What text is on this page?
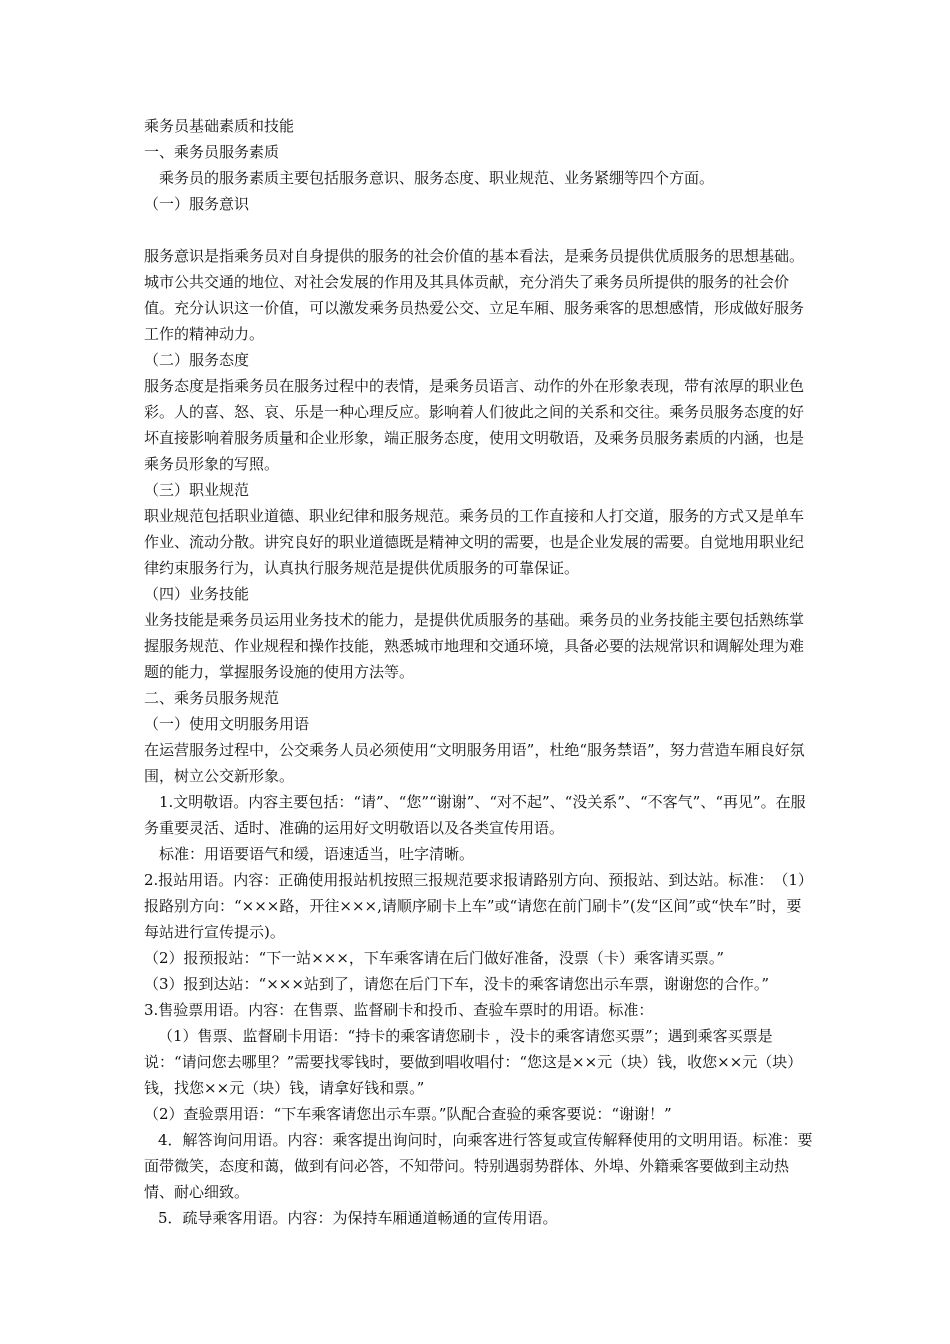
乘务员基础素质和技能

一、乘务员服务素质

乘务员的服务素质主要包括服务意识、服务态度、职业规范、业务紧绷等四个方面。

（一）服务意识

服务意识是指乘务员对自身提供的服务的社会价值的基本看法，是乘务员提供优质服务的思想基础。城市公共交通的地位、对社会发展的作用及其具体贡献，充分消失了乘务员所提供的服务的社会价值。充分认识这一价值，可以激发乘务员热爱公交、立足车厢、服务乘客的思想感情，形成做好服务工作的精神动力。

（二）服务态度

服务态度是指乘务员在服务过程中的表情，是乘务员语言、动作的外在形象表现，带有浓厚的职业色彩。人的喜、怒、哀、乐是一种心理反应。影响着人们彼此之间的关系和交往。乘务员服务态度的好坏直接影响着服务质量和企业形象，端正服务态度，使用文明敬语，及乘务员服务素质的内涵，也是乘务员形象的写照。

（三）职业规范

职业规范包括职业道德、职业纪律和服务规范。乘务员的工作直接和人打交道，服务的方式又是单车作业、流动分散。讲究良好的职业道德既是精神文明的需要，也是企业发展的需要。自觉地用职业纪律约束服务行为，认真执行服务规范是提供优质服务的可靠保证。

（四）业务技能

业务技能是乘务员运用业务技术的能力，是提供优质服务的基础。乘务员的业务技能主要包括熟练掌握服务规范、作业规程和操作技能，熟悉城市地理和交通环境，具备必要的法规常识和调解处理为难题的能力，掌握服务设施的使用方法等。

二、乘务员服务规范

（一）使用文明服务用语

在运营服务过程中，公交乘务人员必须使用“文明服务用语”，杜绝“服务禁语”，努力营造车厢良好氛围，树立公交新形象。

1.文明敬语。内容主要包括：“请”、“您”“谢谢”、“对不起”、“没关系”、“不客气”、“再见”。在服务重要灵活、适时、准确的运用好文明敬语以及各类宣传用语。

标准：用语要语气和缓，语速适当，吐字清晰。

2.报站用语。内容：正确使用报站机按照三报规范要求报请路别方向、预报站、到达站。标准：　（1）报路别方向：“×××路，开往×××,请顺序刷卡上车”或“请您在前门刷卡”(发“区间”或“快车”时，要每站进行宣传提示)。

（2）报预报站：“下一站×××，下车乘客请在后门做好准备，没票（卡）乘客请买票。”

（3）报到达站：“×××站到了，请您在后门下车，没卡的乘客请您出示车票，谢谢您的合作。”

3.售验票用语。内容：在售票、监督刷卡和投币、查验车票时的用语。标准：

（1）售票、监督刷卡用语：“持卡的乘客请您刷卡 ，没卡的乘客请您买票”；遇到乘客买票是说：“请问您去哪里？”需要找零钱时，要做到唱收唱付：“您这是××元（块）钱，收您××元（块）钱，找您××元（块）钱，请拿好钱和票。”

（2）查验票用语：“下车乘客请您出示车票。”队配合查验的乘客要说：“谢谢！”

4．解答询问用语。内容：乘客提出询问时，向乘客进行答复或宣传解释使用的文明用语。标准：要面带微笑，态度和蔼，做到有问必答，不知带问。特别遇弱势群体、外埠、外籍乘客要做到主动热情、耐心细致。

5．疏导乘客用语。内容：为保持车厢通道畅通的宣传用语。
